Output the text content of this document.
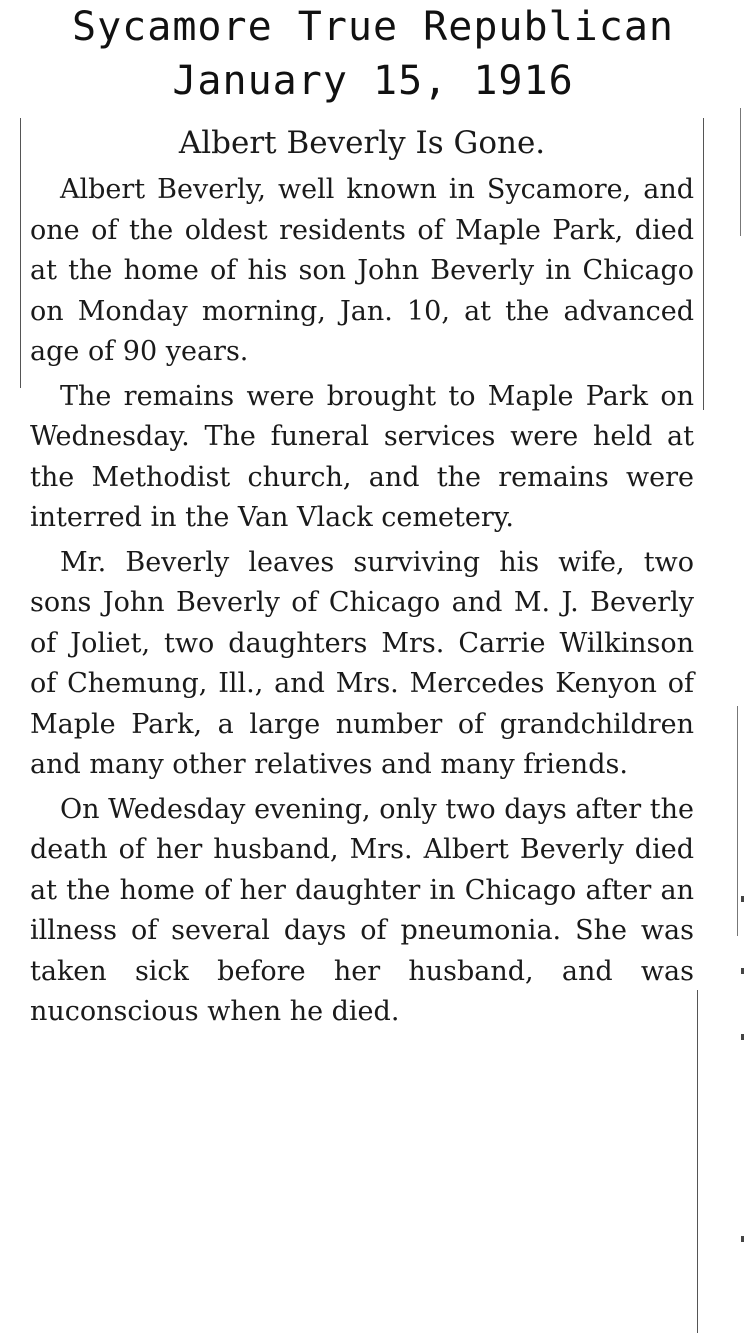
Sycamore True Republican
January 15, 1916
Albert Beverly Is Gone.

Albert Beverly, well known in Sycamore, and one of the oldest residents of Maple Park, died at the home of his son John Beverly in Chicago on Monday morning, Jan. 10, at the advanced age of 90 years.

The remains were brought to Maple Park on Wednesday. The funeral services were held at the Methodist church, and the remains were interred in the Van Vlack cemetery.

Mr. Beverly leaves surviving his wife, two sons John Beverly of Chicago and M. J. Beverly of Joliet, two daughters Mrs. Carrie Wilkinson of Chemung, Ill., and Mrs. Mercedes Kenyon of Maple Park, a large number of grandchildren and many other relatives and many friends.

On Wedesday evening, only two days after the death of her husband, Mrs. Albert Beverly died at the home of her daughter in Chicago after an illness of several days of pneumonia. She was taken sick before her husband, and was nuconscious when he died.
